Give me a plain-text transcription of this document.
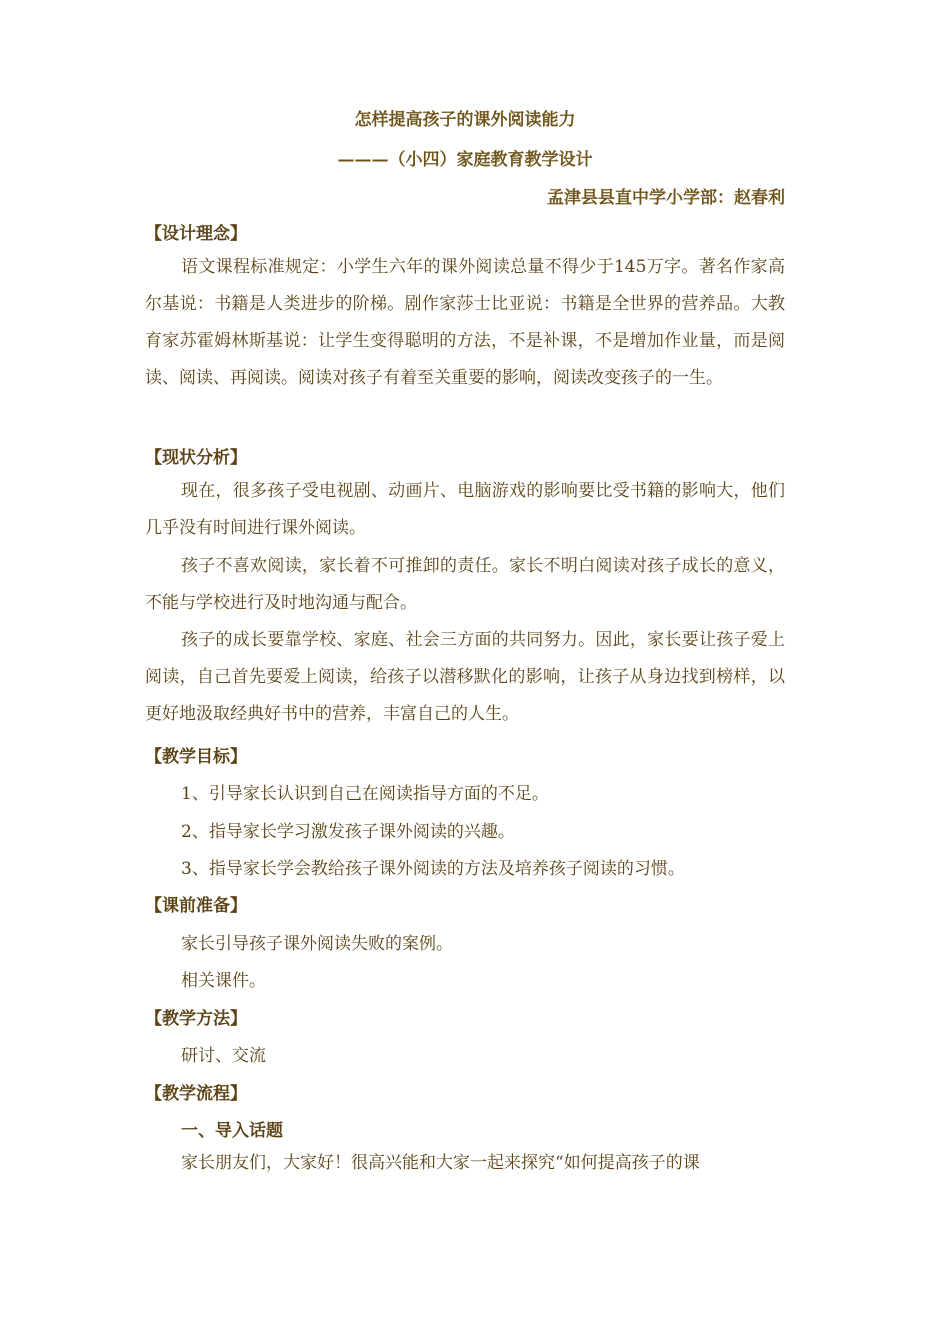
怎样提高孩子的课外阅读能力
———（小四）家庭教育教学设计
孟津县县直中学小学部：赵春利
【设计理念】
语文课程标准规定：小学生六年的课外阅读总量不得少于145万字。著名作家高尔基说：书籍是人类进步的阶梯。剧作家莎士比亚说：书籍是全世界的营养品。大教育家苏霍姆林斯基说：让学生变得聪明的方法，不是补课，不是增加作业量，而是阅读、阅读、再阅读。阅读对孩子有着至关重要的影响，阅读改变孩子的一生。
【现状分析】
现在，很多孩子受电视剧、动画片、电脑游戏的影响要比受书籍的影响大，他们几乎没有时间进行课外阅读。
孩子不喜欢阅读，家长着不可推卸的责任。家长不明白阅读对孩子成长的意义，不能与学校进行及时地沟通与配合。
孩子的成长要靠学校、家庭、社会三方面的共同努力。因此，家长要让孩子爱上阅读，自己首先要爱上阅读，给孩子以潜移默化的影响，让孩子从身边找到榜样，以更好地汲取经典好书中的营养，丰富自己的人生。
【教学目标】
1、引导家长认识到自己在阅读指导方面的不足。
2、指导家长学习激发孩子课外阅读的兴趣。
3、指导家长学会教给孩子课外阅读的方法及培养孩子阅读的习惯。
【课前准备】
家长引导孩子课外阅读失败的案例。
相关课件。
【教学方法】
研讨、交流
【教学流程】
一、导入话题
家长朋友们，大家好！很高兴能和大家一起来探究“如何提高孩子的课
